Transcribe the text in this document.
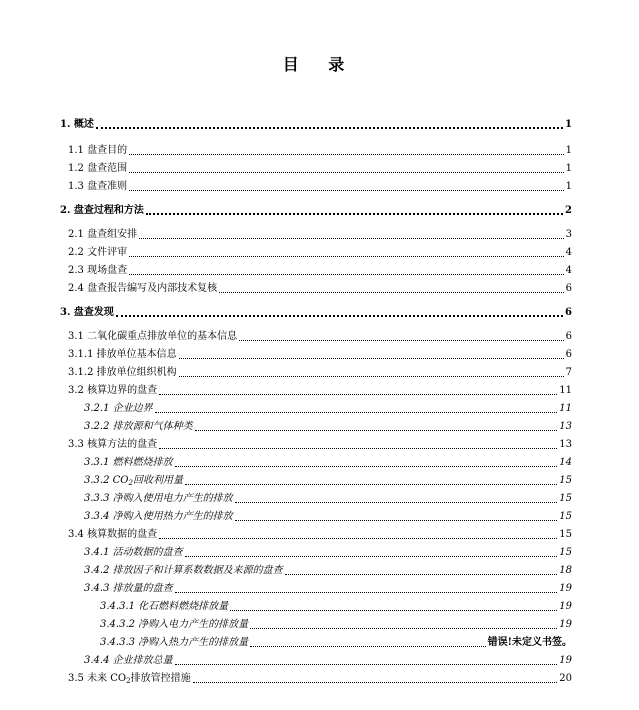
目 录
1. 概述	1
1.1 盘查目的	1
1.2 盘查范围	1
1.3 盘查准则	1
2. 盘查过程和方法	2
2.1 盘查组安排	3
2.2 文件评审	4
2.3 现场盘查	4
2.4 盘查报告编写及内部技术复核	6
3. 盘查发现	6
3.1 二氧化碳重点排放单位的基本信息	6
3.1.1 排放单位基本信息	6
3.1.2 排放单位组织机构	7
3.2 核算边界的盘查	11
3.2.1 企业边界	11
3.2.2 排放源和气体种类	13
3.3 核算方法的盘查	13
3.3.1 燃料燃烧排放	14
3.3.2 $CO_2$回收利用量	15
3.3.3 净购入使用电力产生的排放	15
3.3.4 净购入使用热力产生的排放	15
3.4 核算数据的盘查	15
3.4.1 活动数据的盘查	15
3.4.2 排放因子和计算系数数据及来源的盘查	18
3.4.3 排放量的盘查	19
3.4.3.1 化石燃料燃烧排放量	19
3.4.3.2 净购入电力产生的排放量	19
3.4.3.3 净购入热力产生的排放量	错误!未定义书签。
3.4.4 企业排放总量	19
3.5 未来 $CO_2$排放管控措施	20
